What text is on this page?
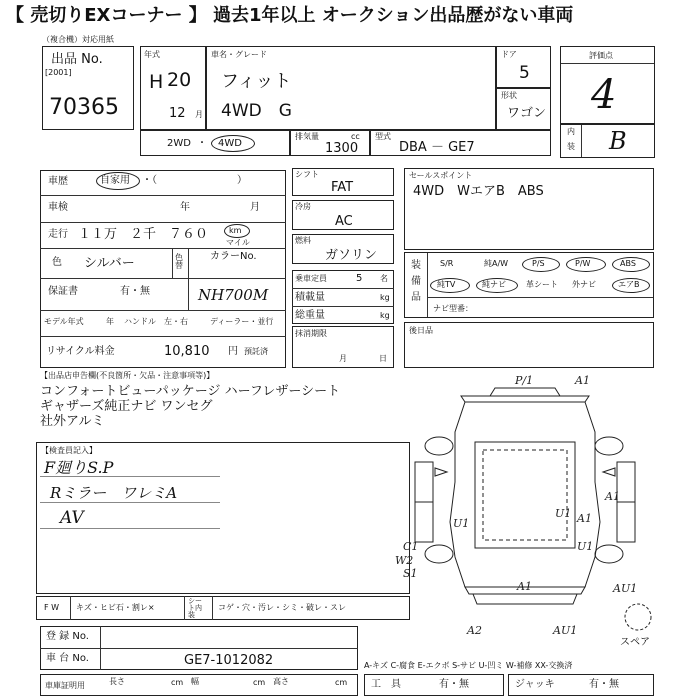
【 売切りEXコーナー 】 過去1年以上 オークション出品歴がない車両
（複合機）対応用紙
出品 No.
[2001]
70365
年式
H 20
12 月
車名・グレード
フィット
4WD　G
ドア
5
形状
ワゴン
評価点
4
内
装 B
2WD ・ 4WD
排気量	cc
1300
型式
DBA － GE7
車歴	自家用 ・（　　　　　　　　）
車検	年	月
走行 １１万　２千　７６０	km
マイル
色 シルバー	色替
カラーNo.
NH700M
保証書	有・無
モデル年式	年 ハンドル　左・右	ディーラー・並行
リサイクル料金	10,810 円 預託済
シフト
FAT
冷房
AC
燃料
ガソリン
乗車定員	5 名
積載量	kg
総重量	kg
抹消期限
月	日
セールスポイント
4WD　WエアB　ABS
装
備
品
ナビ型番：
S/R	純A/W	P/S	P/W	ABS
純TV	純ナビ	革シート 外ナビ	エアB
後日品
【出品店申告欄(不良箇所・欠品・注意事項等)】
コンフォートビューパッケージ ハーフレザーシート
ギャザーズ純正ナビ ワンセグ
社外アルミ
【検査員記入】
F廻りS.P
Rミラー　ワレミA
AV
P/1	A1
A1
U1
U1
U1
A1
AU1
A1
A2	AU1
W2
C1
S1
スペア
F W キズ・ヒビ石・割レ×
シート内装
コゲ・穴・汚レ・シミ・破レ・スレ
登 録 No.
車 台 No.	GE7-1012082	A-キズ C-腐食 E-エクボ S-サビ U-凹ミ W-補修 XX-交換済
車庫証明用	長さ	cm 幅	cm 高さ	cm 工　具	有・無	ジャッキ	有・無
